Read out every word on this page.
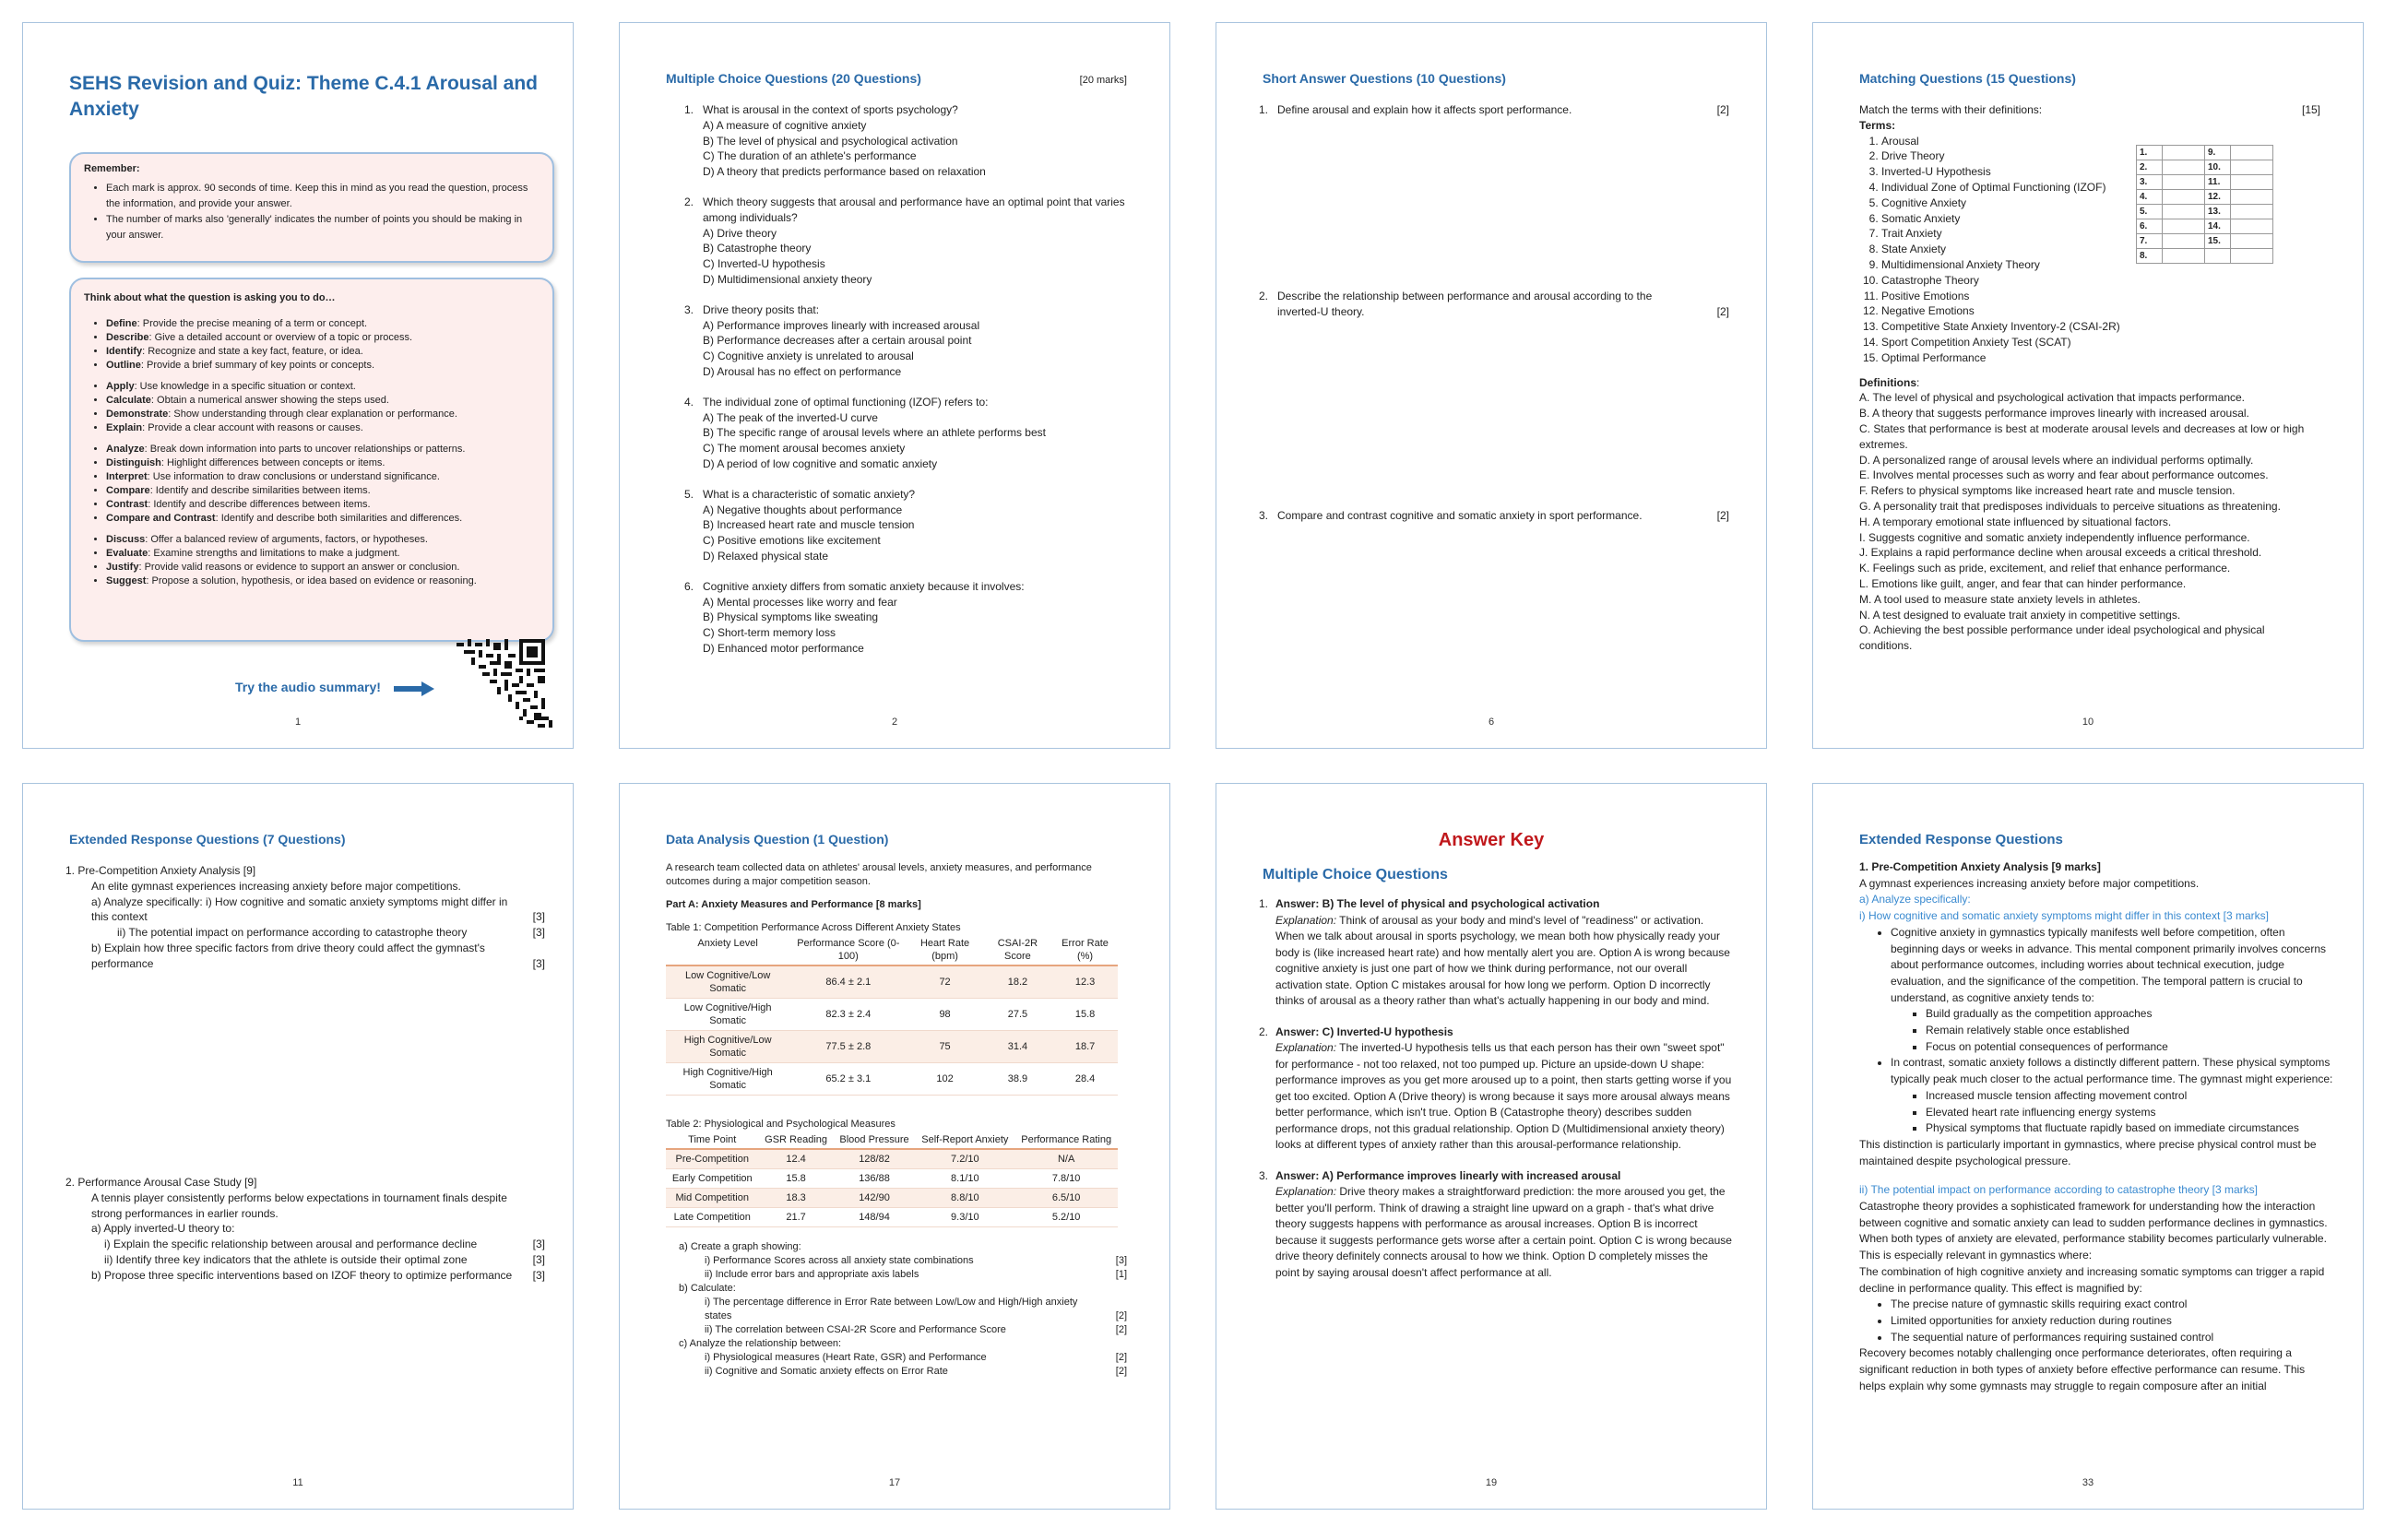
SEHS Revision and Quiz: Theme C.4.1 Arousal and Anxiety
Remember:
• Each mark is approx. 90 seconds of time. Keep this in mind as you read the question, process the information, and provide your answer.
• The number of marks also 'generally' indicates the number of points you should be making in your answer.
Think about what the question is asking you to do…
• Define: Provide the precise meaning of a term or concept.
• Describe: Give a detailed account or overview of a topic or process.
• Identify: Recognize and state a key fact, feature, or idea.
• Outline: Provide a brief summary of key points or concepts.
• Apply: Use knowledge in a specific situation or context.
• Calculate: Obtain a numerical answer showing the steps used.
• Demonstrate: Show understanding through clear explanation or performance.
• Explain: Provide a clear account with reasons or causes.
• Analyze: Break down information into parts to uncover relationships or patterns.
• Distinguish: Highlight differences between concepts or items.
• Interpret: Use information to draw conclusions or understand significance.
• Compare: Identify and describe similarities between items.
• Contrast: Identify and describe differences between items.
• Compare and Contrast: Identify and describe both similarities and differences.
• Discuss: Offer a balanced review of arguments, factors, or hypotheses.
• Evaluate: Examine strengths and limitations to make a judgment.
• Justify: Provide valid reasons or evidence to support an answer or conclusion.
• Suggest: Propose a solution, hypothesis, or idea based on evidence or reasoning.
Try the audio summary!
1
Multiple Choice Questions (20 Questions)	[20 marks]
1. What is arousal in the context of sports psychology?
A) A measure of cognitive anxiety
B) The level of physical and psychological activation
C) The duration of an athlete's performance
D) A theory that predicts performance based on relaxation
2. Which theory suggests that arousal and performance have an optimal point that varies among individuals?
A) Drive theory
B) Catastrophe theory
C) Inverted-U hypothesis
D) Multidimensional anxiety theory
3. Drive theory posits that:
A) Performance improves linearly with increased arousal
B) Performance decreases after a certain arousal point
C) Cognitive anxiety is unrelated to arousal
D) Arousal has no effect on performance
4. The individual zone of optimal functioning (IZOF) refers to:
A) The peak of the inverted-U curve
B) The specific range of arousal levels where an athlete performs best
C) The moment arousal becomes anxiety
D) A period of low cognitive and somatic anxiety
5. What is a characteristic of somatic anxiety?
A) Negative thoughts about performance
B) Increased heart rate and muscle tension
C) Positive emotions like excitement
D) Relaxed physical state
6. Cognitive anxiety differs from somatic anxiety because it involves:
A) Mental processes like worry and fear
B) Physical symptoms like sweating
C) Short-term memory loss
D) Enhanced motor performance
2
Short Answer Questions (10 Questions)
1. Define arousal and explain how it affects sport performance.	[2]
2. Describe the relationship between performance and arousal according to the inverted-U theory.	[2]
3. Compare and contrast cognitive and somatic anxiety in sport performance.	[2]
6
Matching Questions (15 Questions)
Match the terms with their definitions:	[15]
Terms:
1. Arousal
2. Drive Theory
3. Inverted-U Hypothesis
4. Individual Zone of Optimal Functioning (IZOF)
5. Cognitive Anxiety
6. Somatic Anxiety
7. Trait Anxiety
8. State Anxiety
9. Multidimensional Anxiety Theory
10. Catastrophe Theory
11. Positive Emotions
12. Negative Emotions
13. Competitive State Anxiety Inventory-2 (CSAI-2R)
14. Sport Competition Anxiety Test (SCAT)
15. Optimal Performance
Definitions:
A. The level of physical and psychological activation that impacts performance.
B. A theory that suggests performance improves linearly with increased arousal.
C. States that performance is best at moderate arousal levels and decreases at low or high extremes.
D. A personalized range of arousal levels where an individual performs optimally.
E. Involves mental processes such as worry and fear about performance outcomes.
F. Refers to physical symptoms like increased heart rate and muscle tension.
G. A personality trait that predisposes individuals to perceive situations as threatening.
H. A temporary emotional state influenced by situational factors.
I. Suggests cognitive and somatic anxiety independently influence performance.
J. Explains a rapid performance decline when arousal exceeds a critical threshold.
K. Feelings such as pride, excitement, and relief that enhance performance.
L. Emotions like guilt, anger, and fear that can hinder performance.
M. A tool used to measure state anxiety levels in athletes.
N. A test designed to evaluate trait anxiety in competitive settings.
O. Achieving the best possible performance under ideal psychological and physical conditions.
1.		9.	
2.		10.	
3.		11.	
4.		12.	
5.		13.	
6.		14.	
7.		15.	
8.			
10
Extended Response Questions (7 Questions)
1. Pre-Competition Anxiety Analysis [9]
An elite gymnast experiences increasing anxiety before major competitions.
a) Analyze specifically: i) How cognitive and somatic anxiety symptoms might differ in this context	[3]
ii) The potential impact on performance according to catastrophe theory	[3]
b) Explain how three specific factors from drive theory could affect the gymnast's performance	[3]
2. Performance Arousal Case Study [9]
A tennis player consistently performs below expectations in tournament finals despite strong performances in earlier rounds.
a) Apply inverted-U theory to:
i) Explain the specific relationship between arousal and performance decline	[3]
ii) Identify three key indicators that the athlete is outside their optimal zone	[3]
b) Propose three specific interventions based on IZOF theory to optimize performance	[3]
11
Data Analysis Question (1 Question)
A research team collected data on athletes' arousal levels, anxiety measures, and performance outcomes during a major competition season.
Part A: Anxiety Measures and Performance [8 marks]
Table 1: Competition Performance Across Different Anxiety States
Anxiety Level	Performance Score (0-100)	Heart Rate (bpm)	CSAI-2R Score	Error Rate (%)
Low Cognitive/Low Somatic	86.4 ± 2.1	72	18.2	12.3
Low Cognitive/High Somatic	82.3 ± 2.4	98	27.5	15.8
High Cognitive/Low Somatic	77.5 ± 2.8	75	31.4	18.7
High Cognitive/High Somatic	65.2 ± 3.1	102	38.9	28.4
Table 2: Physiological and Psychological Measures
Time Point	GSR Reading	Blood Pressure	Self-Report Anxiety	Performance Rating
Pre-Competition	12.4	128/82	7.2/10	N/A
Early Competition	15.8	136/88	8.1/10	7.8/10
Mid Competition	18.3	142/90	8.8/10	6.5/10
Late Competition	21.7	148/94	9.3/10	5.2/10
a) Create a graph showing:
i) Performance Scores across all anxiety state combinations	[3]
ii) Include error bars and appropriate axis labels	[1]
b) Calculate:
i) The percentage difference in Error Rate between Low/Low and High/High anxiety states	[2]
ii) The correlation between CSAI-2R Score and Performance Score	[2]
c) Analyze the relationship between:
i) Physiological measures (Heart Rate, GSR) and Performance	[2]
ii) Cognitive and Somatic anxiety effects on Error Rate	[2]
17
Answer Key
Multiple Choice Questions
1. Answer: B) The level of physical and psychological activation
Explanation: Think of arousal as your body and mind's level of "readiness" or activation. When we talk about arousal in sports psychology, we mean both how physically ready your body is (like increased heart rate) and how mentally alert you are. Option A is wrong because cognitive anxiety is just one part of how we think during performance, not our overall activation state. Option C mistakes arousal for how long we perform. Option D incorrectly thinks of arousal as a theory rather than what's actually happening in our body and mind.
2. Answer: C) Inverted-U hypothesis
Explanation: The inverted-U hypothesis tells us that each person has their own "sweet spot" for performance - not too relaxed, not too pumped up. Picture an upside-down U shape: performance improves as you get more aroused up to a point, then starts getting worse if you get too excited. Option A (Drive theory) is wrong because it says more arousal always means better performance, which isn't true. Option B (Catastrophe theory) describes sudden performance drops, not this gradual relationship. Option D (Multidimensional anxiety theory) looks at different types of anxiety rather than this arousal-performance relationship.
3. Answer: A) Performance improves linearly with increased arousal
Explanation: Drive theory makes a straightforward prediction: the more aroused you get, the better you'll perform. Think of drawing a straight line upward on a graph - that's what drive theory suggests happens with performance as arousal increases. Option B is incorrect because it suggests performance gets worse after a certain point. Option C is wrong because drive theory definitely connects arousal to how we think. Option D completely misses the point by saying arousal doesn't affect performance at all.
19
Extended Response Questions
1. Pre-Competition Anxiety Analysis [9 marks]
A gymnast experiences increasing anxiety before major competitions.
a) Analyze specifically:
i) How cognitive and somatic anxiety symptoms might differ in this context [3 marks]
• Cognitive anxiety in gymnastics typically manifests well before competition, often beginning days or weeks in advance. This mental component primarily involves concerns about performance outcomes, including worries about technical execution, judge evaluation, and the significance of the competition. The temporal pattern is crucial to understand, as cognitive anxiety tends to:
▪ Build gradually as the competition approaches
▪ Remain relatively stable once established
▪ Focus on potential consequences of performance
• In contrast, somatic anxiety follows a distinctly different pattern. These physical symptoms typically peak much closer to the actual performance time. The gymnast might experience:
▪ Increased muscle tension affecting movement control
▪ Elevated heart rate influencing energy systems
▪ Physical symptoms that fluctuate rapidly based on immediate circumstances
This distinction is particularly important in gymnastics, where precise physical control must be maintained despite psychological pressure.
ii) The potential impact on performance according to catastrophe theory [3 marks]
Catastrophe theory provides a sophisticated framework for understanding how the interaction between cognitive and somatic anxiety can lead to sudden performance declines in gymnastics. When both types of anxiety are elevated, performance stability becomes particularly vulnerable. This is especially relevant in gymnastics where:
The combination of high cognitive anxiety and increasing somatic symptoms can trigger a rapid decline in performance quality. This effect is magnified by:
• The precise nature of gymnastic skills requiring exact control
• Limited opportunities for anxiety reduction during routines
• The sequential nature of performances requiring sustained control
Recovery becomes notably challenging once performance deteriorates, often requiring a significant reduction in both types of anxiety before effective performance can resume. This helps explain why some gymnasts may struggle to regain composure after an initial
33
